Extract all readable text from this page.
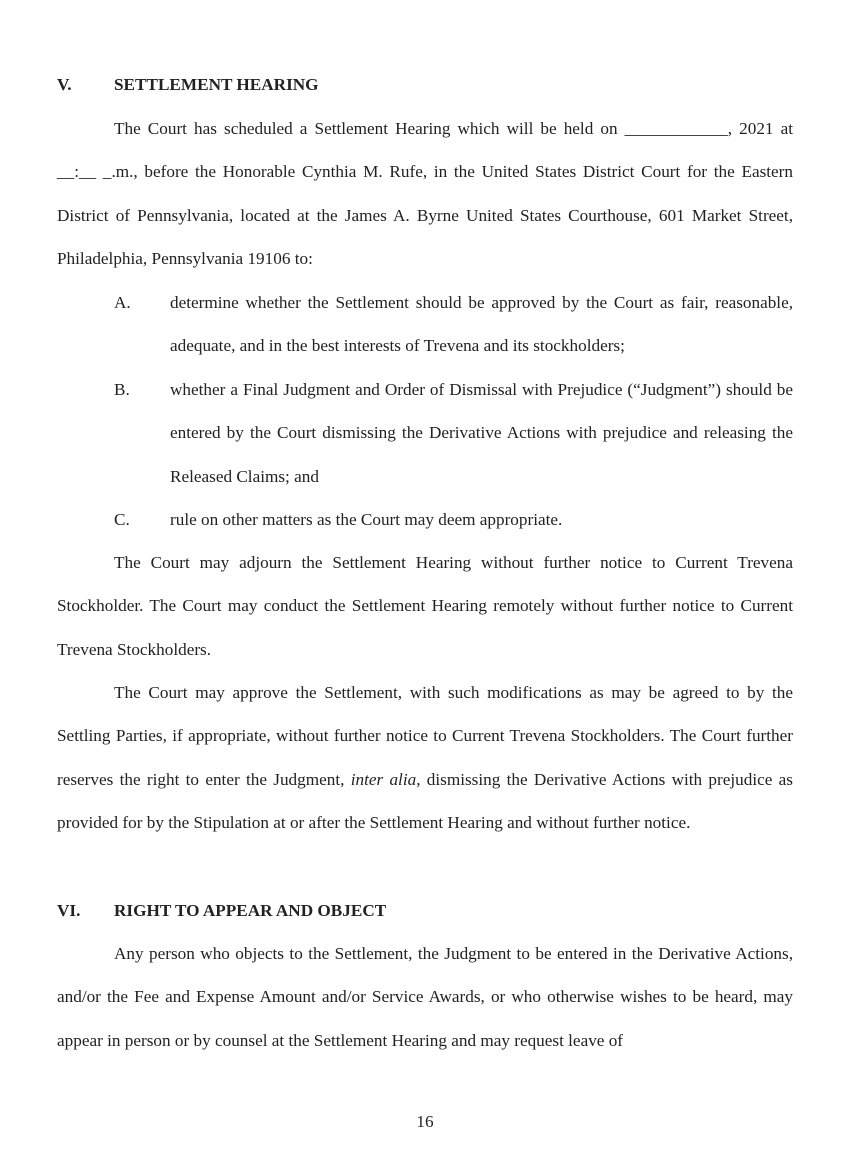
V. SETTLEMENT HEARING

The Court has scheduled a Settlement Hearing which will be held on ____________, 2021 at __:__ _.m., before the Honorable Cynthia M. Rufe, in the United States District Court for the Eastern District of Pennsylvania, located at the James A. Byrne United States Courthouse, 601 Market Street, Philadelphia, Pennsylvania 19106 to:

A. determine whether the Settlement should be approved by the Court as fair, reasonable, adequate, and in the best interests of Trevena and its stockholders;

B. whether a Final Judgment and Order of Dismissal with Prejudice (“Judgment”) should be entered by the Court dismissing the Derivative Actions with prejudice and releasing the Released Claims; and

C. rule on other matters as the Court may deem appropriate.

The Court may adjourn the Settlement Hearing without further notice to Current Trevena Stockholder. The Court may conduct the Settlement Hearing remotely without further notice to Current Trevena Stockholders.

The Court may approve the Settlement, with such modifications as may be agreed to by the Settling Parties, if appropriate, without further notice to Current Trevena Stockholders. The Court further reserves the right to enter the Judgment, inter alia, dismissing the Derivative Actions with prejudice as provided for by the Stipulation at or after the Settlement Hearing and without further notice.

VI. RIGHT TO APPEAR AND OBJECT

Any person who objects to the Settlement, the Judgment to be entered in the Derivative Actions, and/or the Fee and Expense Amount and/or Service Awards, or who otherwise wishes to be heard, may appear in person or by counsel at the Settlement Hearing and may request leave of

16
